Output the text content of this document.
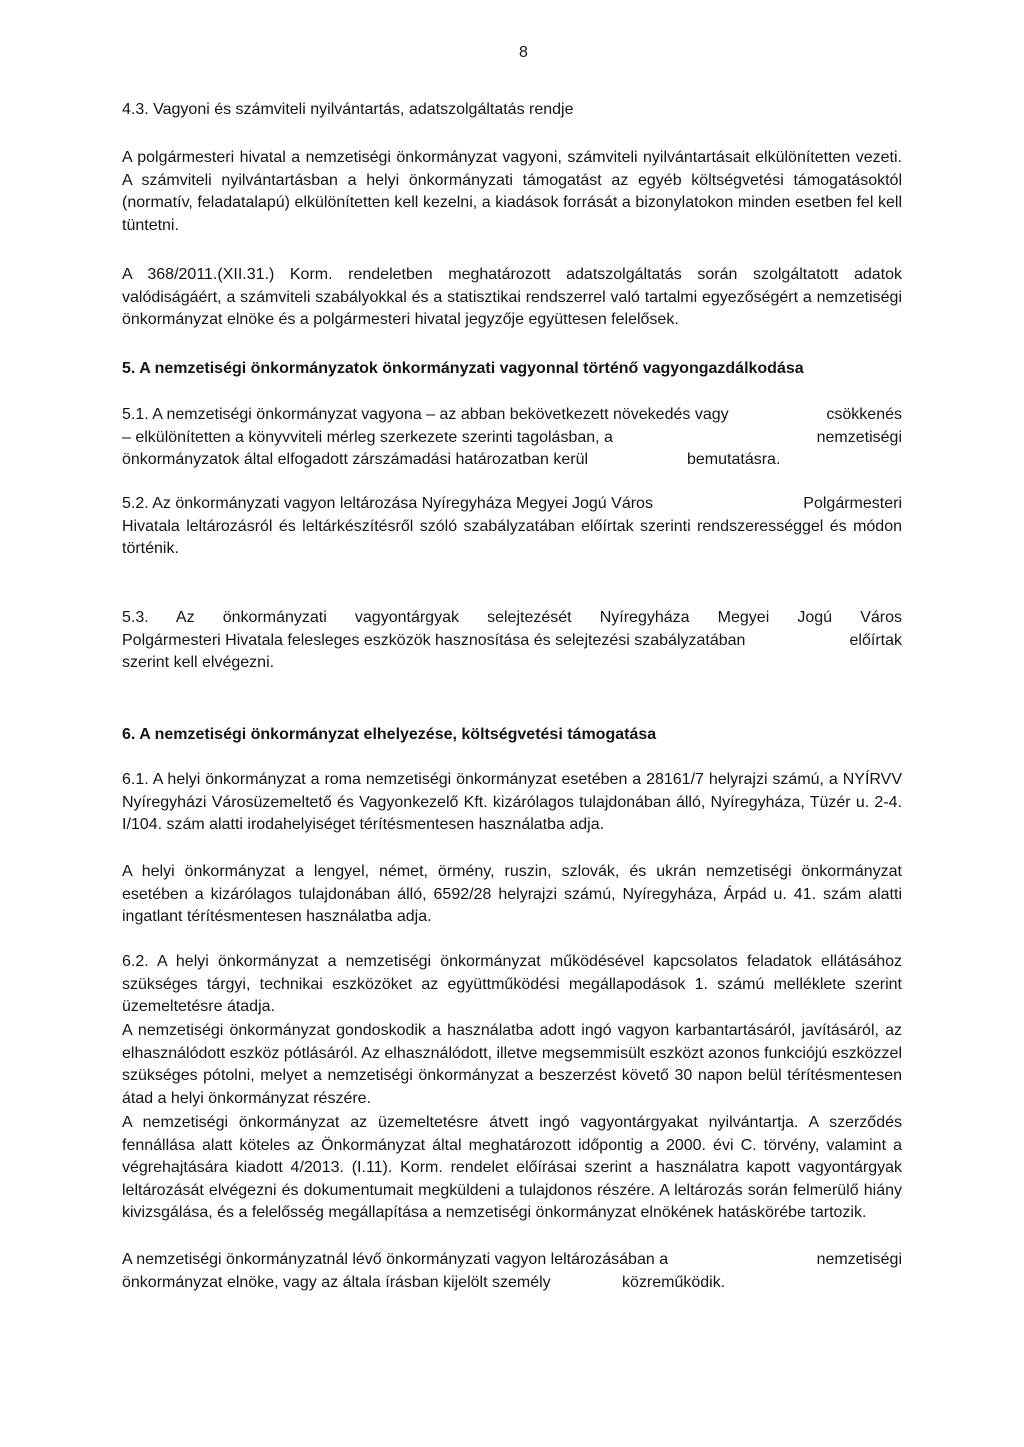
8
4.3. Vagyoni és számviteli nyilvántartás, adatszolgáltatás rendje
A polgármesteri hivatal a nemzetiségi önkormányzat vagyoni, számviteli nyilvántartásait elkülönítetten vezeti. A számviteli nyilvántartásban a helyi önkormányzati támogatást az egyéb költségvetési támogatásoktól (normatív, feladatalapú) elkülönítetten kell kezelni, a kiadások forrását a bizonylatokon minden esetben fel kell tüntetni.
A 368/2011.(XII.31.) Korm. rendeletben meghatározott adatszolgáltatás során szolgáltatott adatok valódiságáért, a számviteli szabályokkal és a statisztikai rendszerrel való tartalmi egyezőségért a nemzetiségi önkormányzat elnöke és a polgármesteri hivatal jegyzője együttesen felelősek.
5. A nemzetiségi önkormányzatok önkormányzati vagyonnal történő vagyongazdálkodása
5.1. A nemzetiségi önkormányzat vagyona – az abban bekövetkezett növekedés vagy	csökkenés
– elkülönítetten a könyvviteli mérleg szerkezete szerinti tagolásban, a	nemzetiségi
önkormányzatok által elfogadott zárszámadási határozatban kerül	bemutatásra.
5.2. Az önkormányzati vagyon leltározása Nyíregyháza Megyei Jogú Város	Polgármesteri
Hivatala leltározásról és leltárkészítésről szóló szabályzatában előírtak szerinti rendszerességgel és módon történik.
5.3. Az önkormányzati vagyontárgyak selejtezését Nyíregyháza Megyei Jogú Város
Polgármesteri Hivatala felesleges eszközök hasznosítása és selejtezési szabályzatában	előírtak
szerint kell elvégezni.
6. A nemzetiségi önkormányzat elhelyezése, költségvetési támogatása
6.1. A helyi önkormányzat a roma nemzetiségi önkormányzat esetében a 28161/7 helyrajzi számú, a NYÍRVV Nyíregyházi Városüzemeltető és Vagyonkezelő Kft. kizárólagos tulajdonában álló, Nyíregyháza, Tüzér u. 2-4. I/104. szám alatti irodahelyiséget térítésmentesen használatba adja.
A helyi önkormányzat a lengyel, német, örmény, ruszin, szlovák, és ukrán nemzetiségi önkormányzat esetében a kizárólagos tulajdonában álló, 6592/28 helyrajzi számú, Nyíregyháza, Árpád u. 41. szám alatti ingatlant térítésmentesen használatba adja.
6.2. A helyi önkormányzat a nemzetiségi önkormányzat működésével kapcsolatos feladatok ellátásához szükséges tárgyi, technikai eszközöket az együttműködési megállapodások 1. számú melléklete szerint üzemeltetésre átadja.
A nemzetiségi önkormányzat gondoskodik a használatba adott ingó vagyon karbantartásáról, javításáról, az elhasználódott eszköz pótlásáról. Az elhasználódott, illetve megsemmisült eszközt azonos funkciójú eszközzel szükséges pótolni, melyet a nemzetiségi önkormányzat a beszerzést követő 30 napon belül térítésmentesen átad a helyi önkormányzat részére.
A nemzetiségi önkormányzat az üzemeltetésre átvett ingó vagyontárgyakat nyilvántartja. A szerződés fennállása alatt köteles az Önkormányzat által meghatározott időpontig a 2000. évi C. törvény, valamint a végrehajtására kiadott 4/2013. (I.11). Korm. rendelet előírásai szerint a használatra kapott vagyontárgyak leltározását elvégezni és dokumentumait megküldeni a tulajdonos részére. A leltározás során felmerülő hiány kivizsgálása, és a felelősség megállapítása a nemzetiségi önkormányzat elnökének hatáskörébe tartozik.
A nemzetiségi önkormányzatnál lévő önkormányzati vagyon leltározásában a	nemzetiségi
önkormányzat elnöke, vagy az általa írásban kijelölt személy	közreműködik.
